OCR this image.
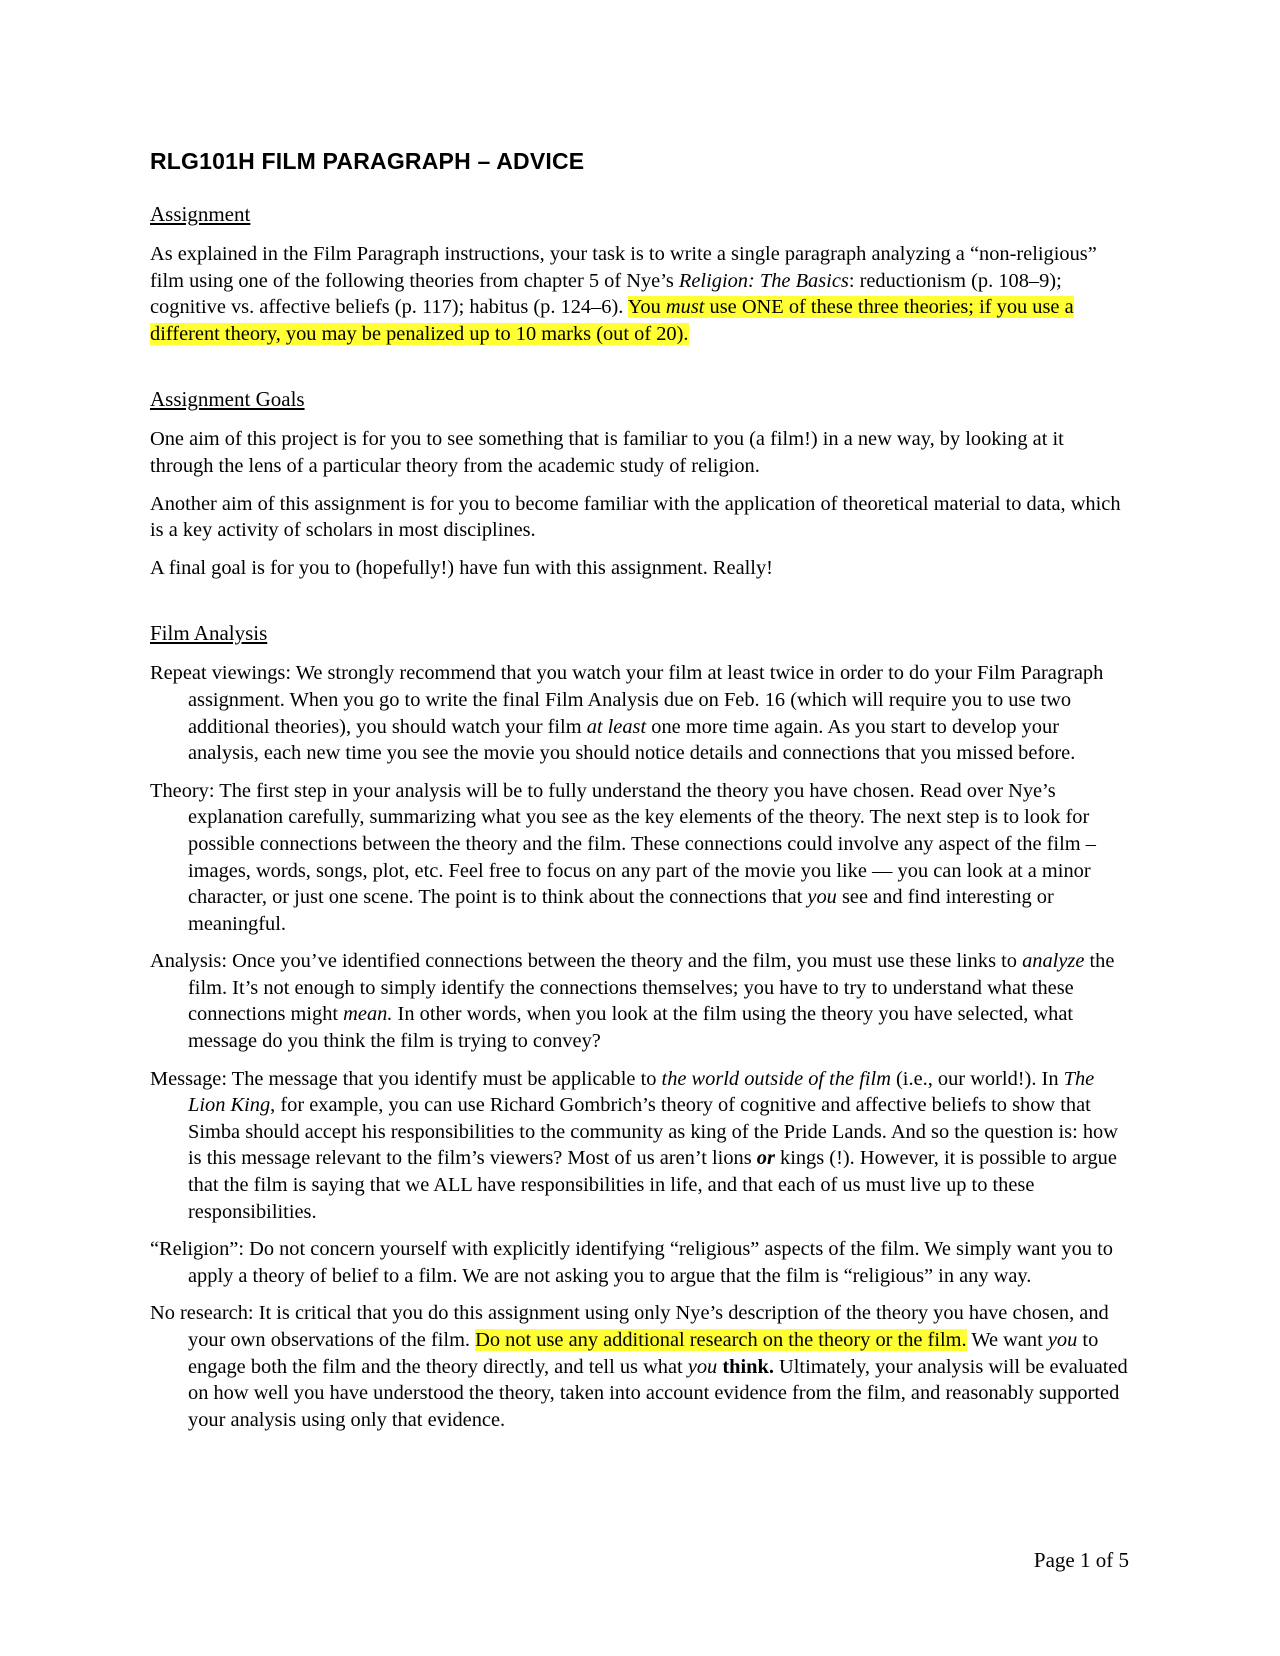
RLG101H FILM PARAGRAPH – ADVICE
Assignment

As explained in the Film Paragraph instructions, your task is to write a single paragraph analyzing a “non-religious” film using one of the following theories from chapter 5 of Nye’s Religion: The Basics: reductionism (p. 108–9); cognitive vs. affective beliefs (p. 117); habitus (p. 124–6). You must use ONE of these three theories; if you use a different theory, you may be penalized up to 10 marks (out of 20).

Assignment Goals

One aim of this project is for you to see something that is familiar to you (a film!) in a new way, by looking at it through the lens of a particular theory from the academic study of religion.

Another aim of this assignment is for you to become familiar with the application of theoretical material to data, which is a key activity of scholars in most disciplines.

A final goal is for you to (hopefully!) have fun with this assignment. Really!

Film Analysis

Repeat viewings: We strongly recommend that you watch your film at least twice in order to do your Film Paragraph assignment. When you go to write the final Film Analysis due on Feb. 16 (which will require you to use two additional theories), you should watch your film at least one more time again. As you start to develop your analysis, each new time you see the movie you should notice details and connections that you missed before.

Theory: The first step in your analysis will be to fully understand the theory you have chosen. Read over Nye’s explanation carefully, summarizing what you see as the key elements of the theory. The next step is to look for possible connections between the theory and the film. These connections could involve any aspect of the film – images, words, songs, plot, etc. Feel free to focus on any part of the movie you like — you can look at a minor character, or just one scene. The point is to think about the connections that you see and find interesting or meaningful.

Analysis: Once you’ve identified connections between the theory and the film, you must use these links to analyze the film. It’s not enough to simply identify the connections themselves; you have to try to understand what these connections might mean. In other words, when you look at the film using the theory you have selected, what message do you think the film is trying to convey?

Message: The message that you identify must be applicable to the world outside of the film (i.e., our world!). In The Lion King, for example, you can use Richard Gombrich’s theory of cognitive and affective beliefs to show that Simba should accept his responsibilities to the community as king of the Pride Lands. And so the question is: how is this message relevant to the film’s viewers? Most of us aren’t lions or kings (!). However, it is possible to argue that the film is saying that we ALL have responsibilities in life, and that each of us must live up to these responsibilities.

“Religion”: Do not concern yourself with explicitly identifying “religious” aspects of the film. We simply want you to apply a theory of belief to a film. We are not asking you to argue that the film is “religious” in any way.

No research: It is critical that you do this assignment using only Nye’s description of the theory you have chosen, and your own observations of the film. Do not use any additional research on the theory or the film. We want you to engage both the film and the theory directly, and tell us what you think. Ultimately, your analysis will be evaluated on how well you have understood the theory, taken into account evidence from the film, and reasonably supported your analysis using only that evidence.

Page 1 of 5
